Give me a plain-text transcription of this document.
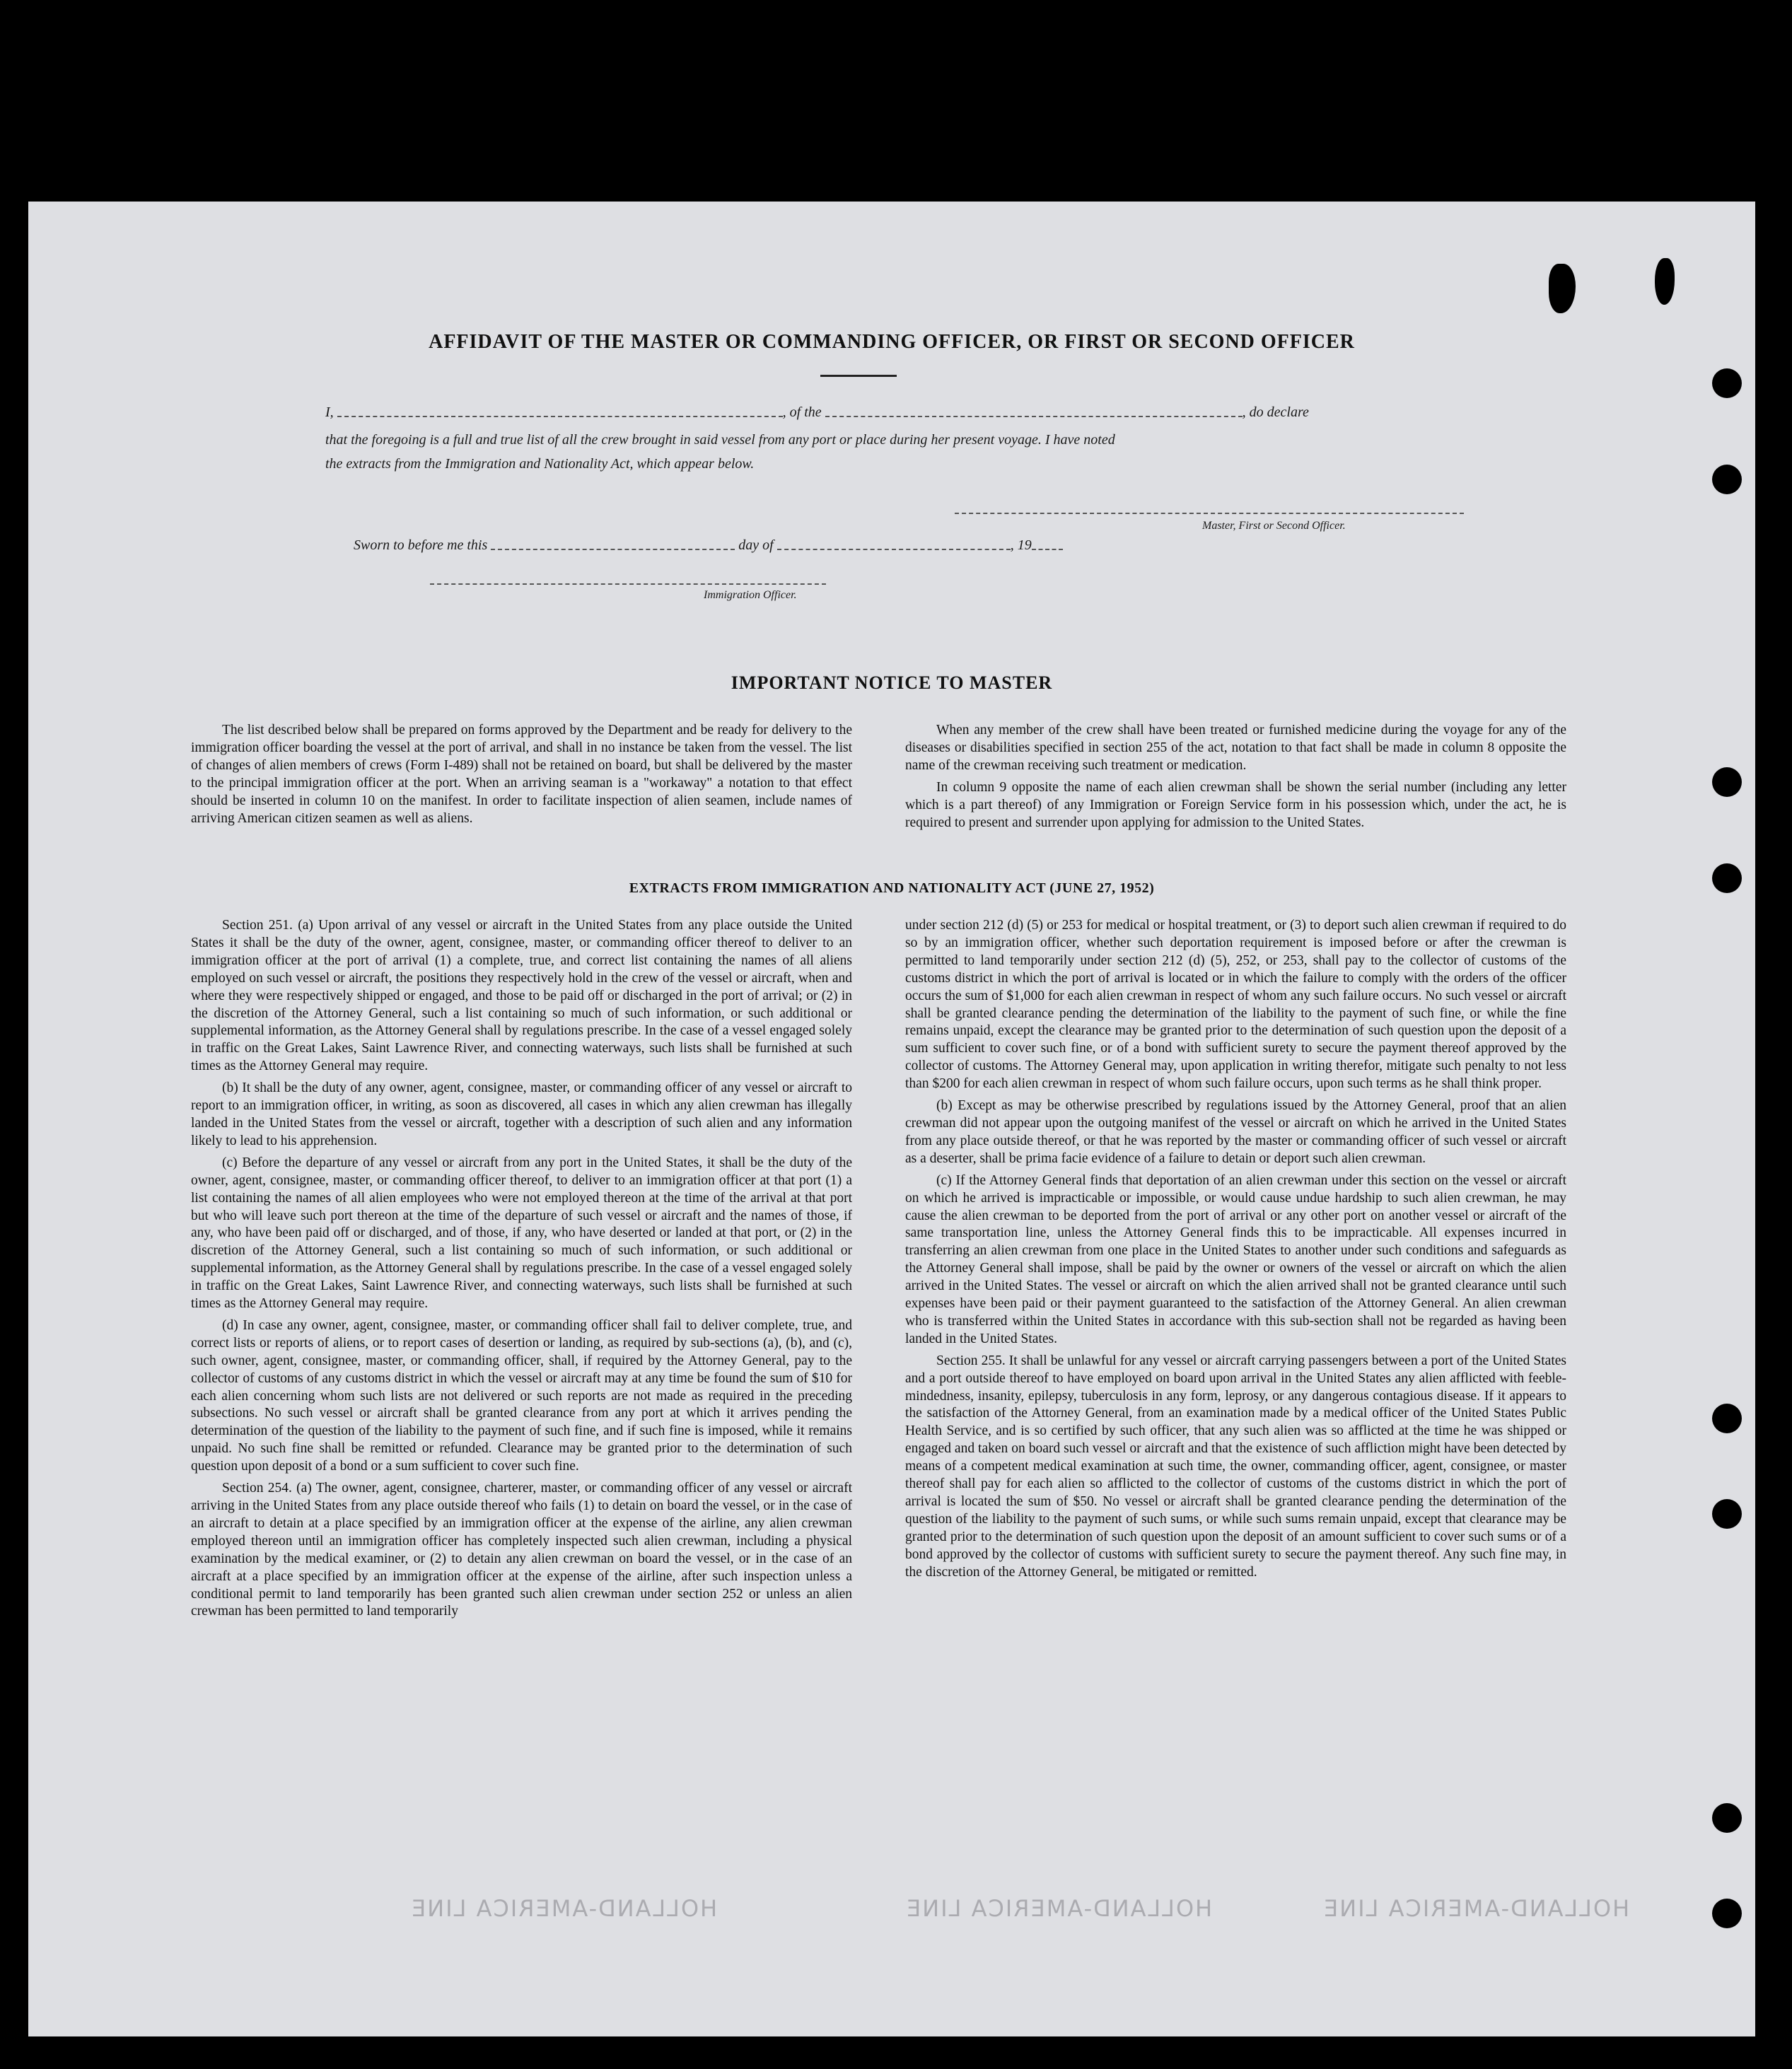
AFFIDAVIT OF THE MASTER OR COMMANDING OFFICER, OR FIRST OR SECOND OFFICER
I,	, of the	, do declare
that the foregoing is a full and true list of all the crew brought in said vessel from any port or place during her present voyage. I have noted
the extracts from the Immigration and Nationality Act, which appear below.
Master, First or Second Officer.
Sworn to before me this	day of	, 19
Immigration Officer.
IMPORTANT NOTICE TO MASTER

The list described below shall be prepared on forms approved by the Department and be ready for delivery to the immigration officer boarding the vessel at the port of arrival, and shall in no instance be taken from the vessel. The list of changes of alien members of crews (Form I-489) shall not be retained on board, but shall be delivered by the master to the principal immigration officer at the port. When an arriving seaman is a "workaway" a notation to that effect should be inserted in column 10 on the manifest. In order to facilitate inspection of alien seamen, include names of arriving American citizen seamen as well as aliens.

When any member of the crew shall have been treated or furnished medicine during the voyage for any of the diseases or disabilities specified in section 255 of the act, notation to that fact shall be made in column 8 opposite the name of the crewman receiving such treatment or medication.

In column 9 opposite the name of each alien crewman shall be shown the serial number (including any letter which is a part thereof) of any Immigration or Foreign Service form in his possession which, under the act, he is required to present and surrender upon applying for admission to the United States.

EXTRACTS FROM IMMIGRATION AND NATIONALITY ACT (JUNE 27, 1952)

Section 251. (a) Upon arrival of any vessel or aircraft in the United States from any place outside the United States it shall be the duty of the owner, agent, consignee, master, or commanding officer thereof to deliver to an immigration officer at the port of arrival (1) a complete, true, and correct list containing the names of all aliens employed on such vessel or aircraft, the positions they respectively hold in the crew of the vessel or aircraft, when and where they were respectively shipped or engaged, and those to be paid off or discharged in the port of arrival; or (2) in the discretion of the Attorney General, such a list containing so much of such information, or such additional or supplemental information, as the Attorney General shall by regulations prescribe. In the case of a vessel engaged solely in traffic on the Great Lakes, Saint Lawrence River, and connecting waterways, such lists shall be furnished at such times as the Attorney General may require.

(b) It shall be the duty of any owner, agent, consignee, master, or commanding officer of any vessel or aircraft to report to an immigration officer, in writing, as soon as discovered, all cases in which any alien crewman has illegally landed in the United States from the vessel or aircraft, together with a description of such alien and any information likely to lead to his apprehension.

(c) Before the departure of any vessel or aircraft from any port in the United States, it shall be the duty of the owner, agent, consignee, master, or commanding officer thereof, to deliver to an immigration officer at that port (1) a list containing the names of all alien employees who were not employed thereon at the time of the arrival at that port but who will leave such port thereon at the time of the departure of such vessel or aircraft and the names of those, if any, who have been paid off or discharged, and of those, if any, who have deserted or landed at that port, or (2) in the discretion of the Attorney General, such a list containing so much of such information, or such additional or supplemental information, as the Attorney General shall by regulations prescribe. In the case of a vessel engaged solely in traffic on the Great Lakes, Saint Lawrence River, and connecting waterways, such lists shall be furnished at such times as the Attorney General may require.

(d) In case any owner, agent, consignee, master, or commanding officer shall fail to deliver complete, true, and correct lists or reports of aliens, or to report cases of desertion or landing, as required by sub-sections (a), (b), and (c), such owner, agent, consignee, master, or commanding officer, shall, if required by the Attorney General, pay to the collector of customs of any customs district in which the vessel or aircraft may at any time be found the sum of $10 for each alien concerning whom such lists are not delivered or such reports are not made as required in the preceding subsections. No such vessel or aircraft shall be granted clearance from any port at which it arrives pending the determination of the question of the liability to the payment of such fine, and if such fine is imposed, while it remains unpaid. No such fine shall be remitted or refunded. Clearance may be granted prior to the determination of such question upon deposit of a bond or a sum sufficient to cover such fine.

Section 254. (a) The owner, agent, consignee, charterer, master, or commanding officer of any vessel or aircraft arriving in the United States from any place outside thereof who fails (1) to detain on board the vessel, or in the case of an aircraft to detain at a place specified by an immigration officer at the expense of the airline, any alien crewman employed thereon until an immigration officer has completely inspected such alien crewman, including a physical examination by the medical examiner, or (2) to detain any alien crewman on board the vessel, or in the case of an aircraft at a place specified by an immigration officer at the expense of the airline, after such inspection unless a conditional permit to land temporarily has been granted such alien crewman under section 252 or unless an alien crewman has been permitted to land temporarily

under section 212 (d) (5) or 253 for medical or hospital treatment, or (3) to deport such alien crewman if required to do so by an immigration officer, whether such deportation requirement is imposed before or after the crewman is permitted to land temporarily under section 212 (d) (5), 252, or 253, shall pay to the collector of customs of the customs district in which the port of arrival is located or in which the failure to comply with the orders of the officer occurs the sum of $1,000 for each alien crewman in respect of whom any such failure occurs. No such vessel or aircraft shall be granted clearance pending the determination of the liability to the payment of such fine, or while the fine remains unpaid, except the clearance may be granted prior to the determination of such question upon the deposit of a sum sufficient to cover such fine, or of a bond with sufficient surety to secure the payment thereof approved by the collector of customs. The Attorney General may, upon application in writing therefor, mitigate such penalty to not less than $200 for each alien crewman in respect of whom such failure occurs, upon such terms as he shall think proper.

(b) Except as may be otherwise prescribed by regulations issued by the Attorney General, proof that an alien crewman did not appear upon the outgoing manifest of the vessel or aircraft on which he arrived in the United States from any place outside thereof, or that he was reported by the master or commanding officer of such vessel or aircraft as a deserter, shall be prima facie evidence of a failure to detain or deport such alien crewman.

(c) If the Attorney General finds that deportation of an alien crewman under this section on the vessel or aircraft on which he arrived is impracticable or impossible, or would cause undue hardship to such alien crewman, he may cause the alien crewman to be deported from the port of arrival or any other port on another vessel or aircraft of the same transportation line, unless the Attorney General finds this to be impracticable. All expenses incurred in transferring an alien crewman from one place in the United States to another under such conditions and safeguards as the Attorney General shall impose, shall be paid by the owner or owners of the vessel or aircraft on which the alien arrived in the United States. The vessel or aircraft on which the alien arrived shall not be granted clearance until such expenses have been paid or their payment guaranteed to the satisfaction of the Attorney General. An alien crewman who is transferred within the United States in accordance with this sub-section shall not be regarded as having been landed in the United States.

Section 255. It shall be unlawful for any vessel or aircraft carrying passengers between a port of the United States and a port outside thereof to have employed on board upon arrival in the United States any alien afflicted with feeble-mindedness, insanity, epilepsy, tuberculosis in any form, leprosy, or any dangerous contagious disease. If it appears to the satisfaction of the Attorney General, from an examination made by a medical officer of the United States Public Health Service, and is so certified by such officer, that any such alien was so afflicted at the time he was shipped or engaged and taken on board such vessel or aircraft and that the existence of such affliction might have been detected by means of a competent medical examination at such time, the owner, commanding officer, agent, consignee, or master thereof shall pay for each alien so afflicted to the collector of customs of the customs district in which the port of arrival is located the sum of $50. No vessel or aircraft shall be granted clearance pending the determination of the question of the liability to the payment of such sums, or while such sums remain unpaid, except that clearance may be granted prior to the determination of such question upon the deposit of an amount sufficient to cover such sums or of a bond approved by the collector of customs with sufficient surety to secure the payment thereof. Any such fine may, in the discretion of the Attorney General, be mitigated or remitted.

HOLLAND-AMERICA LINE	HOLLAND-AMERICA LINE	HOLLAND-AMERICA LINE
